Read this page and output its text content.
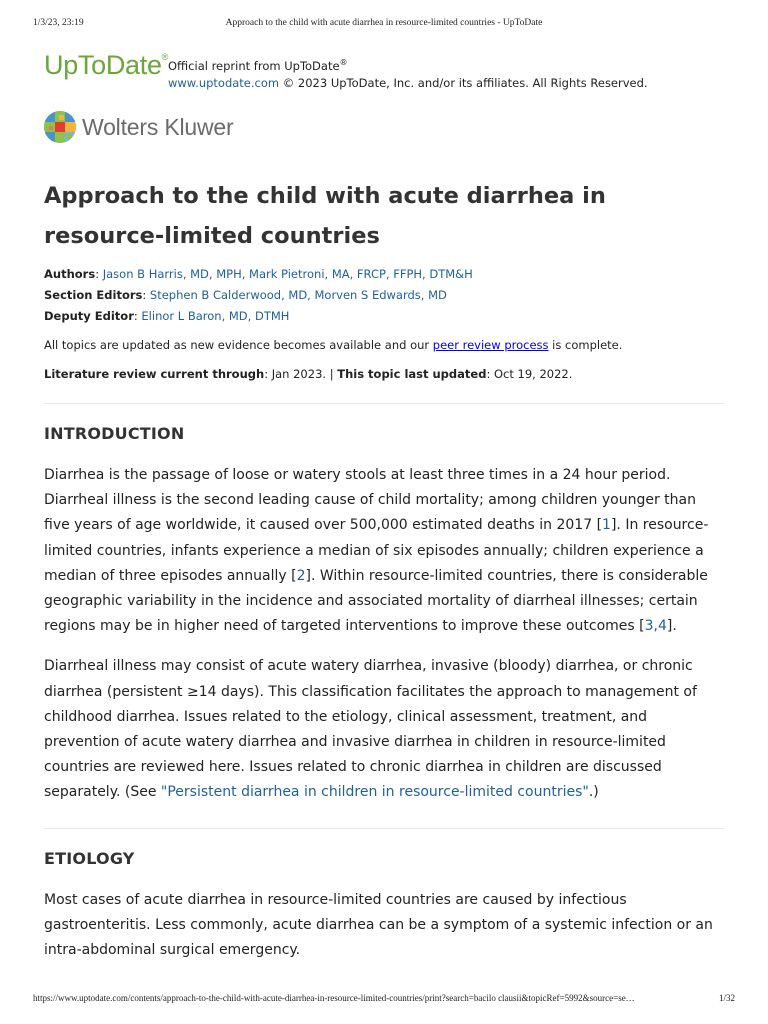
1/3/23, 23:19	Approach to the child with acute diarrhea in resource-limited countries - UpToDate
UpToDate®
Official reprint from UpToDate®
www.uptodate.com © 2023 UpToDate, Inc. and/or its affiliates. All Rights Reserved.
Wolters Kluwer
Approach to the child with acute diarrhea in resource-limited countries
Authors: Jason B Harris, MD, MPH, Mark Pietroni, MA, FRCP, FFPH, DTM&H
Section Editors: Stephen B Calderwood, MD, Morven S Edwards, MD
Deputy Editor: Elinor L Baron, MD, DTMH
All topics are updated as new evidence becomes available and our peer review process is complete.
Literature review current through: Jan 2023. | This topic last updated: Oct 19, 2022.
INTRODUCTION

Diarrhea is the passage of loose or watery stools at least three times in a 24 hour period. Diarrheal illness is the second leading cause of child mortality; among children younger than five years of age worldwide, it caused over 500,000 estimated deaths in 2017 [1]. In resource-limited countries, infants experience a median of six episodes annually; children experience a median of three episodes annually [2]. Within resource-limited countries, there is considerable geographic variability in the incidence and associated mortality of diarrheal illnesses; certain regions may be in higher need of targeted interventions to improve these outcomes [3,4].

Diarrheal illness may consist of acute watery diarrhea, invasive (bloody) diarrhea, or chronic diarrhea (persistent ≥14 days). This classification facilitates the approach to management of childhood diarrhea. Issues related to the etiology, clinical assessment, treatment, and prevention of acute watery diarrhea and invasive diarrhea in children in resource-limited countries are reviewed here. Issues related to chronic diarrhea in children are discussed separately. (See "Persistent diarrhea in children in resource-limited countries".)

ETIOLOGY

Most cases of acute diarrhea in resource-limited countries are caused by infectious gastroenteritis. Less commonly, acute diarrhea can be a symptom of a systemic infection or an intra-abdominal surgical emergency.

https://www.uptodate.com/contents/approach-to-the-child-with-acute-diarrhea-in-resource-limited-countries/print?search=bacilo clausii&topicRef=5992&source=se…	1/32
